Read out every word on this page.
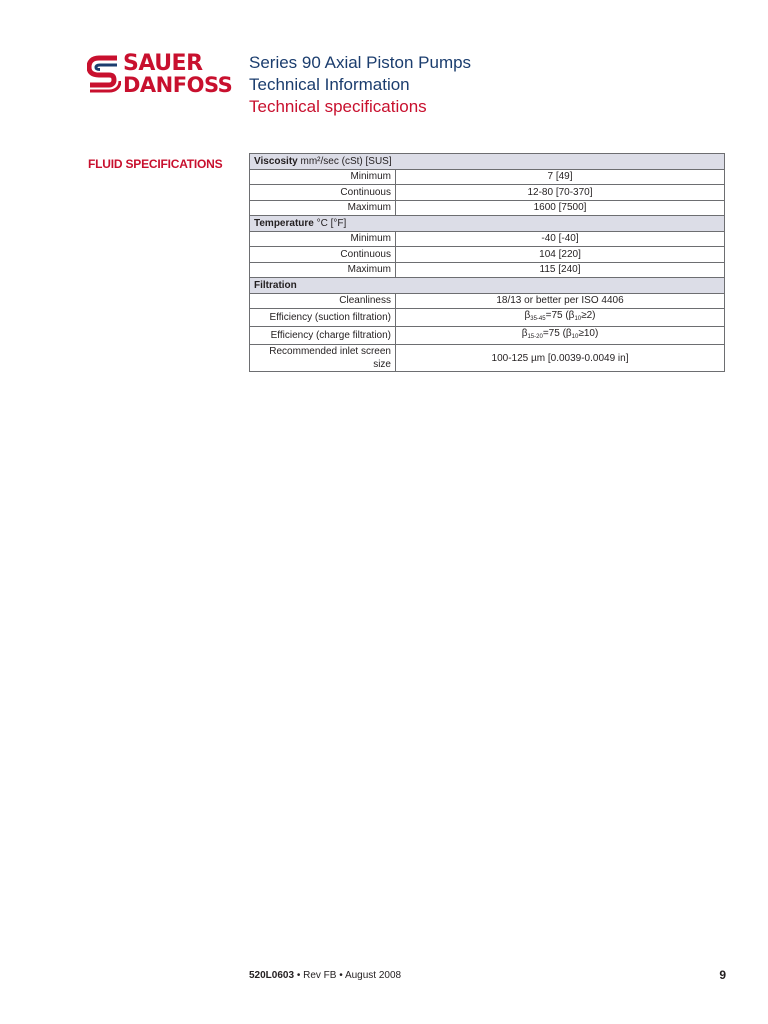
SAUER
DANFOSS
Series 90 Axial Piston Pumps
Technical Information
Technical specifications
FLUID SPECIFICATIONS	Viscosity mm²/sec (cSt) [SUS]	
Minimum	7 [49]
Continuous	12-80 [70-370]
Maximum	1600 [7500]
Temperature °C [°F]	
Minimum	-40 [-40]
Continuous	104 [220]
Maximum	115 [240]
Filtration	
Cleanliness	18/13 or better per ISO 4406
Efficiency (suction filtration)	$\beta_{35-45}=75$ $(\beta_{10}\ge 2)$
Efficiency (charge filtration)	$\beta_{15-20}=75$ $(\beta_{10}\ge 10)$
Recommended inlet screen size	100-125 µm [0.0039-0.0049 in]
520L0603 • Rev FB • August 2008	9
